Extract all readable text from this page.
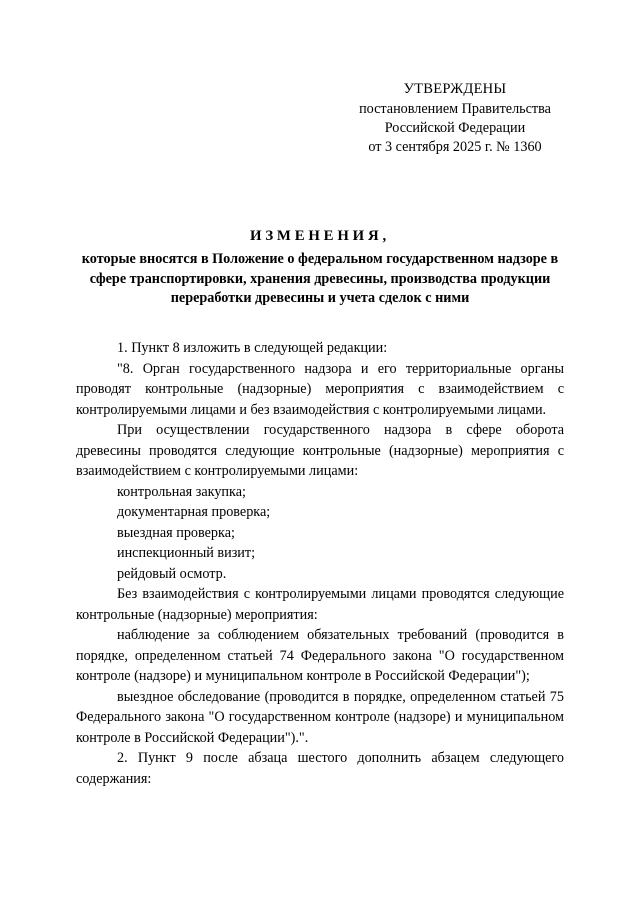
УТВЕРЖДЕНЫ
постановлением Правительства
Российской Федерации
от 3 сентября 2025 г. № 1360
ИЗМЕНЕНИЯ,
которые вносятся в Положение о федеральном государственном надзоре в сфере транспортировки, хранения древесины, производства продукции переработки древесины и учета сделок с ними

1. Пункт 8 изложить в следующей редакции:

"8. Орган государственного надзора и его территориальные органы проводят контрольные (надзорные) мероприятия с взаимодействием с контролируемыми лицами и без взаимодействия с контролируемыми лицами.

При осуществлении государственного надзора в сфере оборота древесины проводятся следующие контрольные (надзорные) мероприятия с взаимодействием с контролируемыми лицами:

контрольная закупка;

документарная проверка;

выездная проверка;

инспекционный визит;

рейдовый осмотр.

Без взаимодействия с контролируемыми лицами проводятся следующие контрольные (надзорные) мероприятия:

наблюдение за соблюдением обязательных требований (проводится в порядке, определенном статьей 74 Федерального закона "О государственном контроле (надзоре) и муниципальном контроле в Российской Федерации");

выездное обследование (проводится в порядке, определенном статьей 75 Федерального закона "О государственном контроле (надзоре) и муниципальном контроле в Российской Федерации").".

2. Пункт 9 после абзаца шестого дополнить абзацем следующего содержания:
